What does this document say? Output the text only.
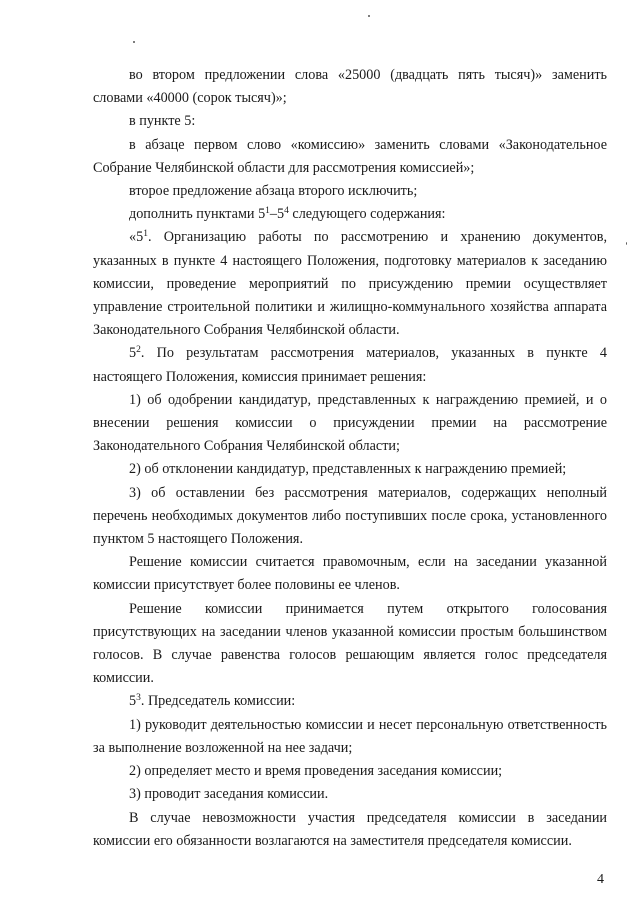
во втором предложении слова «25000 (двадцать пять тысяч)» заменить словами «40000 (сорок тысяч)»;

в пункте 5:

в абзаце первом слово «комиссию» заменить словами «Законодательное Собрание Челябинской области для рассмотрения комиссией»;

второе предложение абзаца второго исключить;

дополнить пунктами $5^1-5^4$ следующего содержания:

«$5^1$. Организацию работы по рассмотрению и хранению документов, указанных в пункте 4 настоящего Положения, подготовку материалов к заседанию комиссии, проведение мероприятий по присуждению премии осуществляет управление строительной политики и жилищно-коммунального хозяйства аппарата Законодательного Собрания Челябинской области.

$5^2$. По результатам рассмотрения материалов, указанных в пункте 4 настоящего Положения, комиссия принимает решения:

1) об одобрении кандидатур, представленных к награждению премией, и о внесении решения комиссии о присуждении премии на рассмотрение Законодательного Собрания Челябинской области;

2) об отклонении кандидатур, представленных к награждению премией;

3) об оставлении без рассмотрения материалов, содержащих неполный перечень необходимых документов либо поступивших после срока, установленного пунктом 5 настоящего Положения.

Решение комиссии считается правомочным, если на заседании указанной комиссии присутствует более половины ее членов.

Решение комиссии принимается путем открытого голосования присутствующих на заседании членов указанной комиссии простым большинством голосов. В случае равенства голосов решающим является голос председателя комиссии.

$5^3$. Председатель комиссии:

1) руководит деятельностью комиссии и несет персональную ответственность за выполнение возложенной на нее задачи;

2) определяет место и время проведения заседания комиссии;

3) проводит заседания комиссии.

В случае невозможности участия председателя комиссии в заседании комиссии его обязанности возлагаются на заместителя председателя комиссии.

4
